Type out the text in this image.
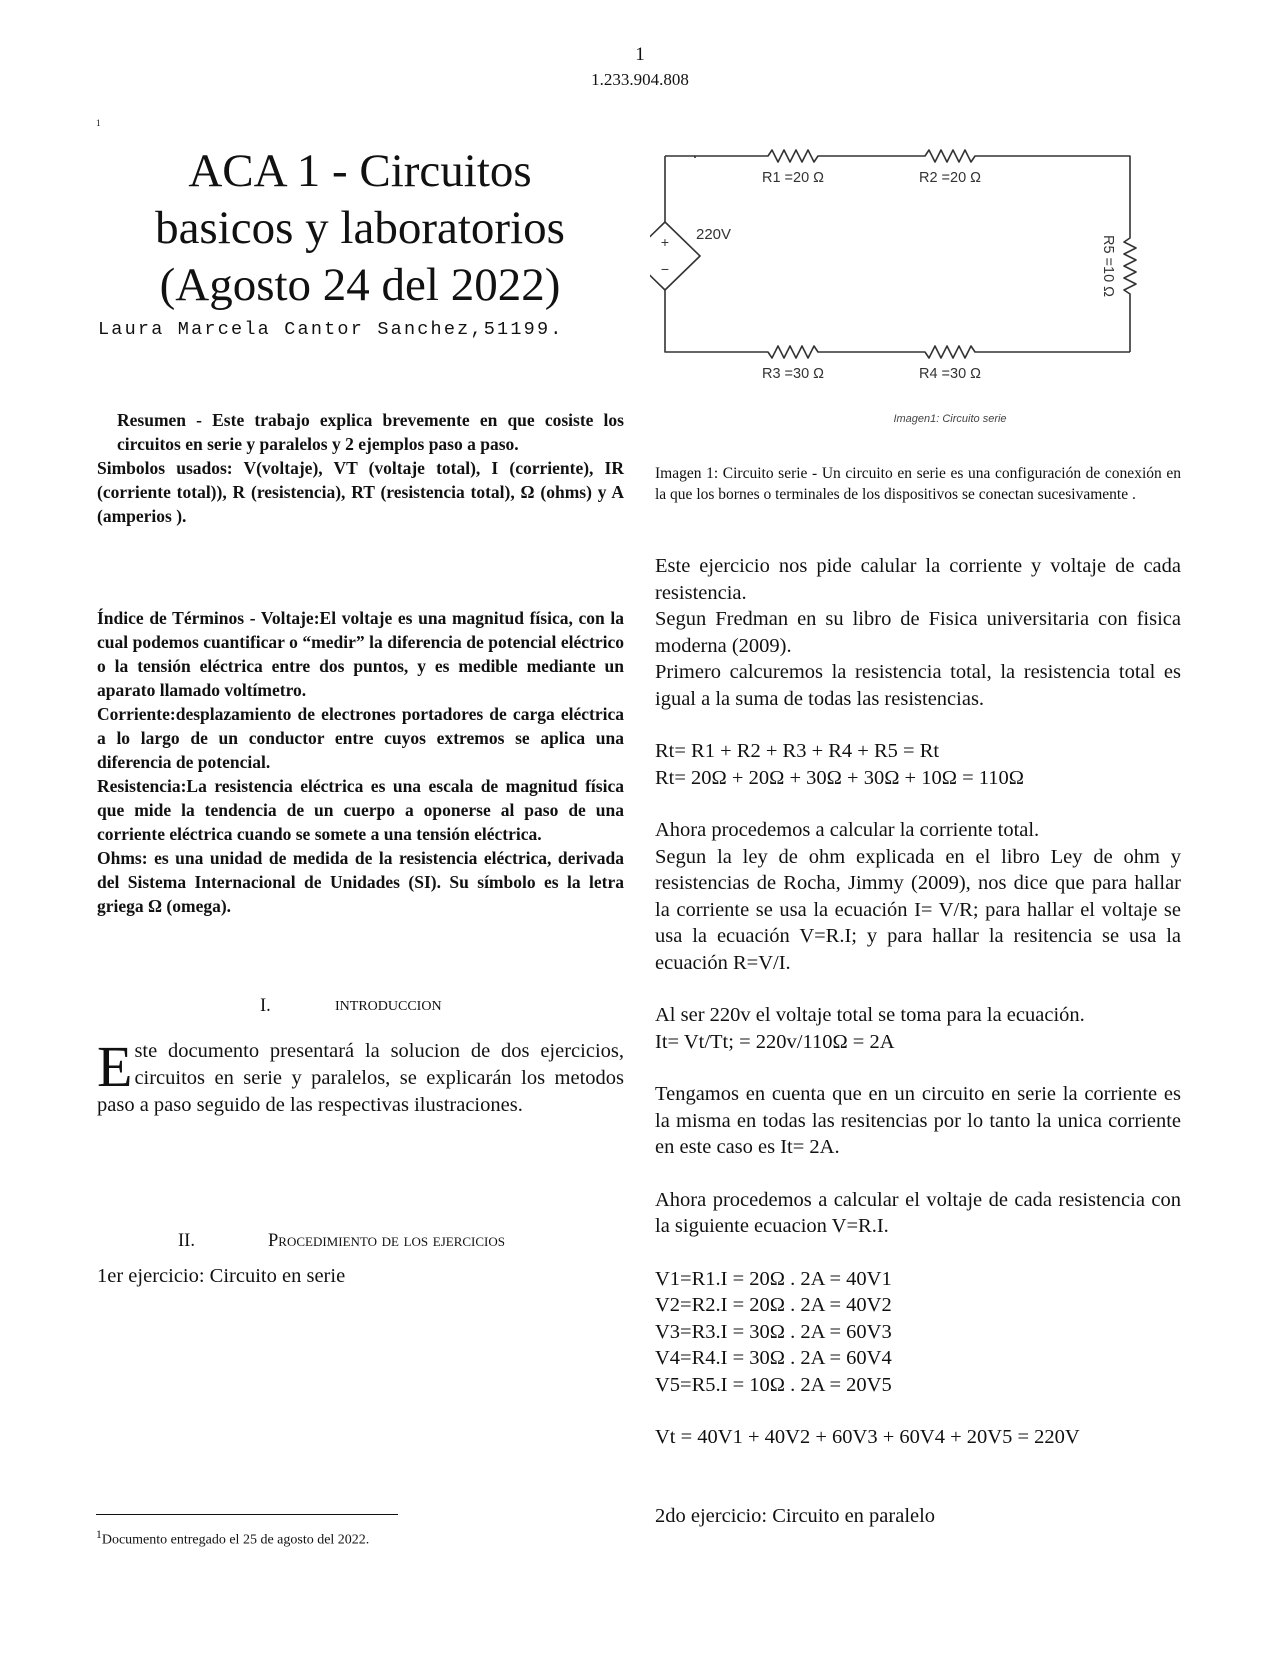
1
1.233.904.808
1
ACA 1 - Circuitos
basicos y laboratorios
(Agosto 24 del 2022)
Laura Marcela Cantor Sanchez,51199.
Resumen - Este trabajo explica brevemente en que cosiste los circuitos en serie y paralelos y 2 ejemplos paso a paso.
Simbolos usados: V(voltaje), VT (voltaje total), I (corriente), IR (corriente total)), R (resistencia), RT (resistencia total), Ω (ohms) y A (amperios ).

Índice de Términos - Voltaje:El voltaje es una magnitud física, con la cual podemos cuantificar o “medir” la diferencia de potencial eléctrico o la tensión eléctrica entre dos puntos, y es medible mediante un aparato llamado voltímetro.

Corriente:desplazamiento de electrones portadores de carga eléctrica a lo largo de un conductor entre cuyos extremos se aplica una diferencia de potencial.

Resistencia:La resistencia eléctrica es una escala de magnitud física que mide la tendencia de un cuerpo a oponerse al paso de una corriente eléctrica cuando se somete a una tensión eléctrica.

Ohms: es una unidad de medida de la resistencia eléctrica, derivada del Sistema Internacional de Unidades (SI). Su símbolo es la letra griega Ω (omega).

I.	INTRODUCCION

Este documento presentará la solucion de dos ejercicios, circuitos en serie y paralelos, se explicarán los metodos paso a paso seguido de las respectivas ilustraciones.

II.	Procedimiento de los ejercicios
1er ejercicio: Circuito en serie
$^1$Documento entregado el 25 de agosto del 2022.
+
−
220V
R1 =20 Ω	R2 =20 Ω
R3 =30 Ω	R4 =30 Ω
R5 =10 Ω
Imagen1: Circuito serie

Imagen 1: Circuito serie - Un circuito en serie es una configuración de conexión en la que los bornes o terminales de los dispositivos se conectan sucesivamente .

Este ejercicio nos pide calular la corriente y voltaje de cada resistencia.

Segun Fredman en su libro de Fisica universitaria con fisica moderna (2009).

Primero calcuremos la resistencia total, la resistencia total es igual a la suma de todas las resistencias.

Rt= R1 + R2 + R3 + R4 + R5 = Rt

Rt= 20Ω + 20Ω + 30Ω + 30Ω + 10Ω = 110Ω

Ahora procedemos a calcular la corriente total.

Segun la ley de ohm explicada en el libro Ley de ohm y resistencias de Rocha, Jimmy (2009), nos dice que para hallar la corriente se usa la ecuación I= V/R; para hallar el voltaje se usa la ecuación V=R.I; y para hallar la resitencia se usa la ecuación R=V/I.

Al ser 220v el voltaje total se toma para la ecuación.

It= Vt/Tt; = 220v/110Ω = 2A

Tengamos en cuenta que en un circuito en serie la corriente es la misma en todas las resitencias por lo tanto la unica corriente en este caso es It= 2A.

Ahora procedemos a calcular el voltaje de cada resistencia con la siguiente ecuacion V=R.I.

V1=R1.I = 20Ω . 2A = 40V1

V2=R2.I = 20Ω . 2A = 40V2

V3=R3.I = 30Ω . 2A = 60V3

V4=R4.I = 30Ω . 2A = 60V4

V5=R5.I = 10Ω . 2A = 20V5

Vt = 40V1 + 40V2 + 60V3 + 60V4 + 20V5 = 220V

2do ejercicio: Circuito en paralelo
